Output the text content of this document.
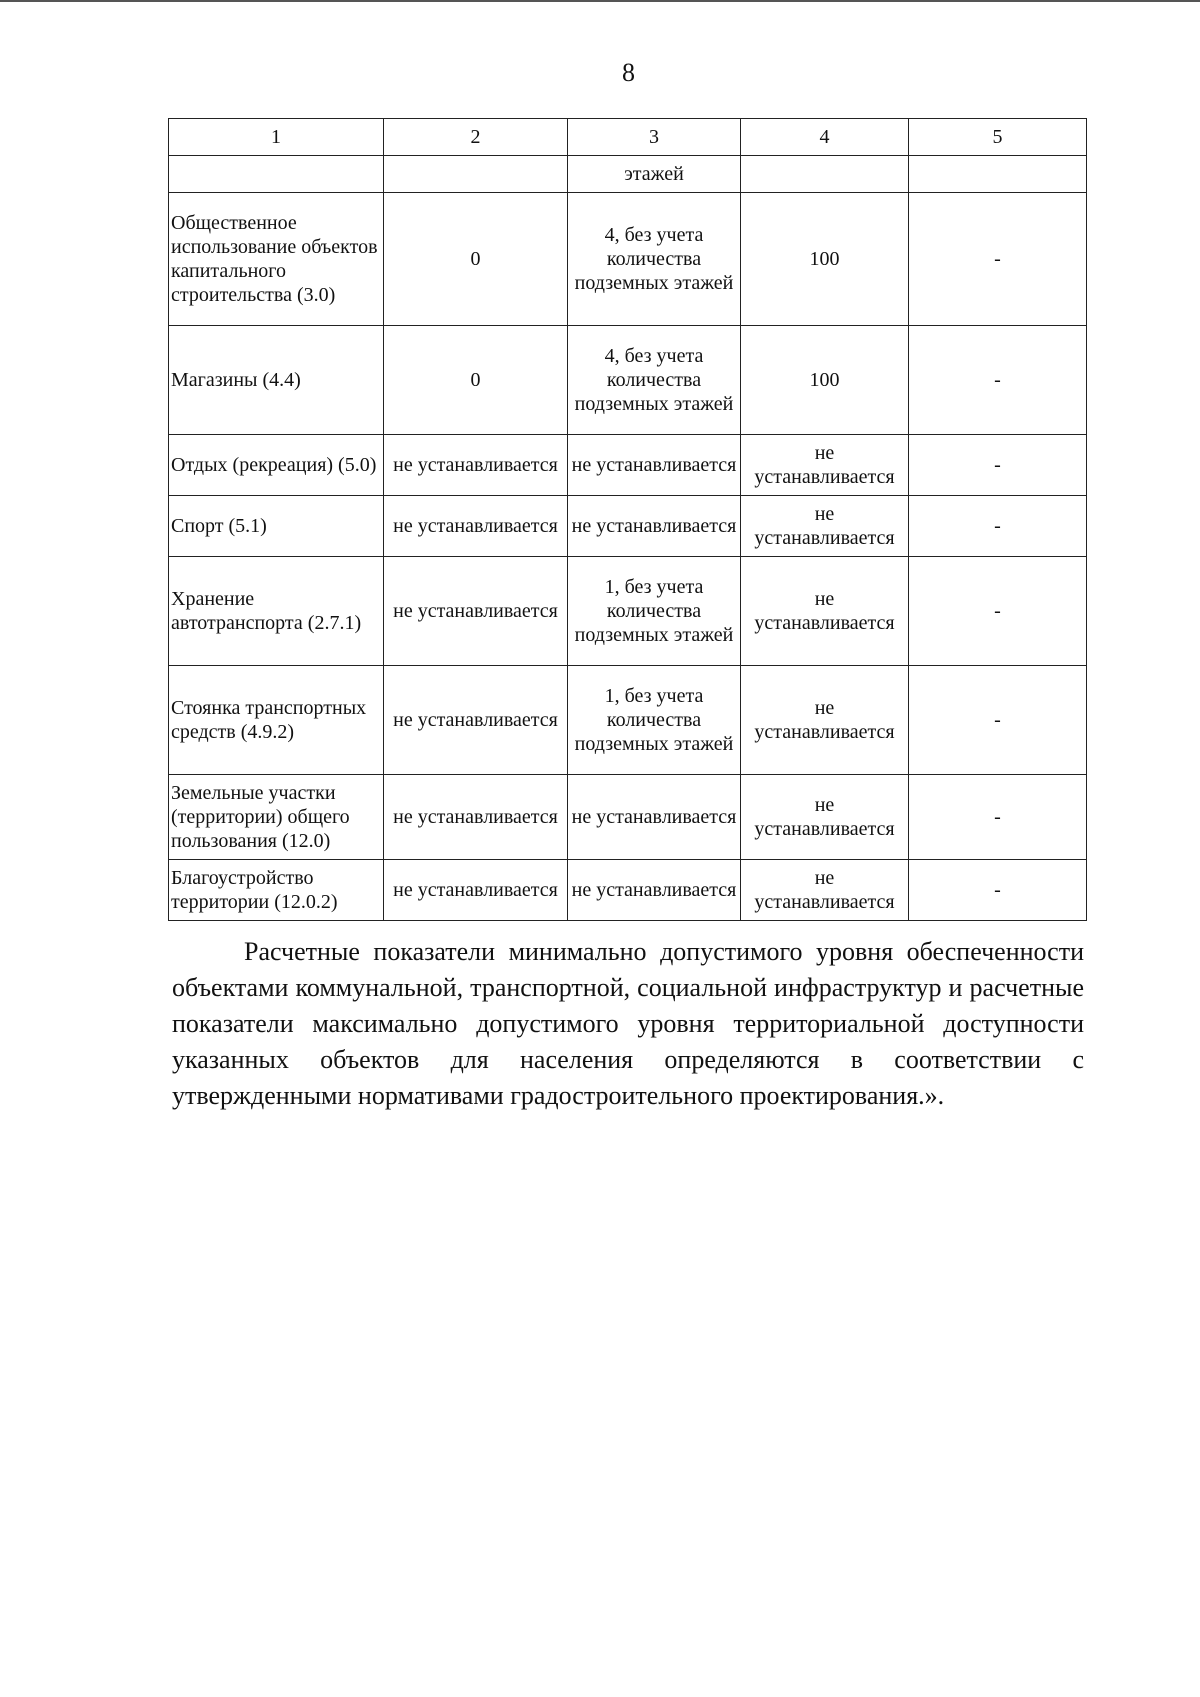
8
1	2	3	4	5
		этажей		
Общественное использование объектов капитального строительства (3.0)	0	4, без учета количества подземных этажей	100	-
Магазины (4.4)	0	4, без учета количества подземных этажей	100	-
Отдых (рекреация) (5.0)	не устанавливается	не устанавливается	не устанавливается	-
Спорт (5.1)	не устанавливается	не устанавливается	не устанавливается	-
Хранение автотранспорта (2.7.1)	не устанавливается	1, без учета количества подземных этажей	не устанавливается	-
Стоянка транспортных средств (4.9.2)	не устанавливается	1, без учета количества подземных этажей	не устанавливается	-
Земельные участки (территории) общего пользования (12.0)	не устанавливается	не устанавливается	не устанавливается	-
Благоустройство территории (12.0.2)	не устанавливается	не устанавливается	не устанавливается	-

Расчетные показатели минимально допустимого уровня обеспеченности объектами коммунальной, транспортной, социальной инфраструктур и расчетные показатели максимально допустимого уровня территориальной доступности указанных объектов для населения определяются в соответствии с утвержденными нормативами градостроительного проектирования.».
